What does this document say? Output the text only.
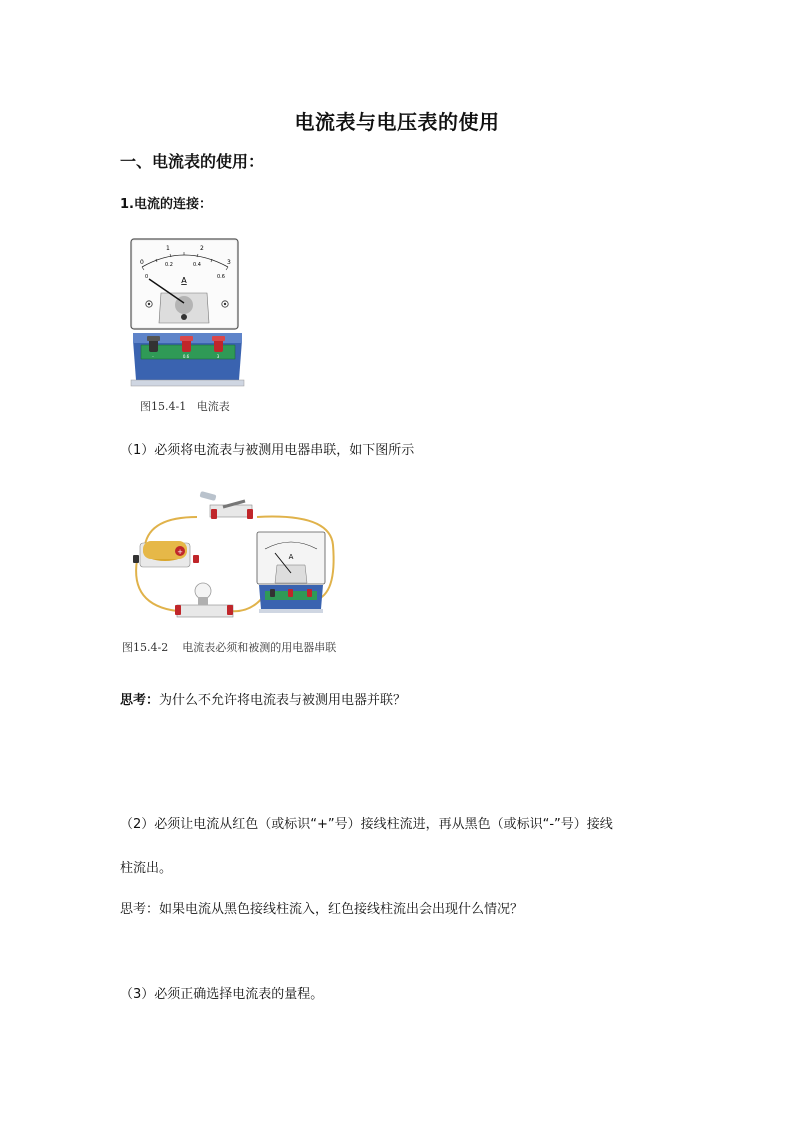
电流表与电压表的使用
一、电流表的使用：
1.电流的连接：
-	0.6	3
0
1	2
3
0
0.2	0.4
0.6
A
图15.4-1 电流表
（1）必须将电流表与被测用电器串联，如下图所示
+
A
图15.4-2 电流表必须和被测的用电器串联
思考：为什么不允许将电流表与被测用电器并联？
（2）必须让电流从红色（或标识“+”号）接线柱流进，再从黑色（或标识“-”号）接线
柱流出。
思考：如果电流从黑色接线柱流入，红色接线柱流出会出现什么情况？
（3）必须正确选择电流表的量程。
